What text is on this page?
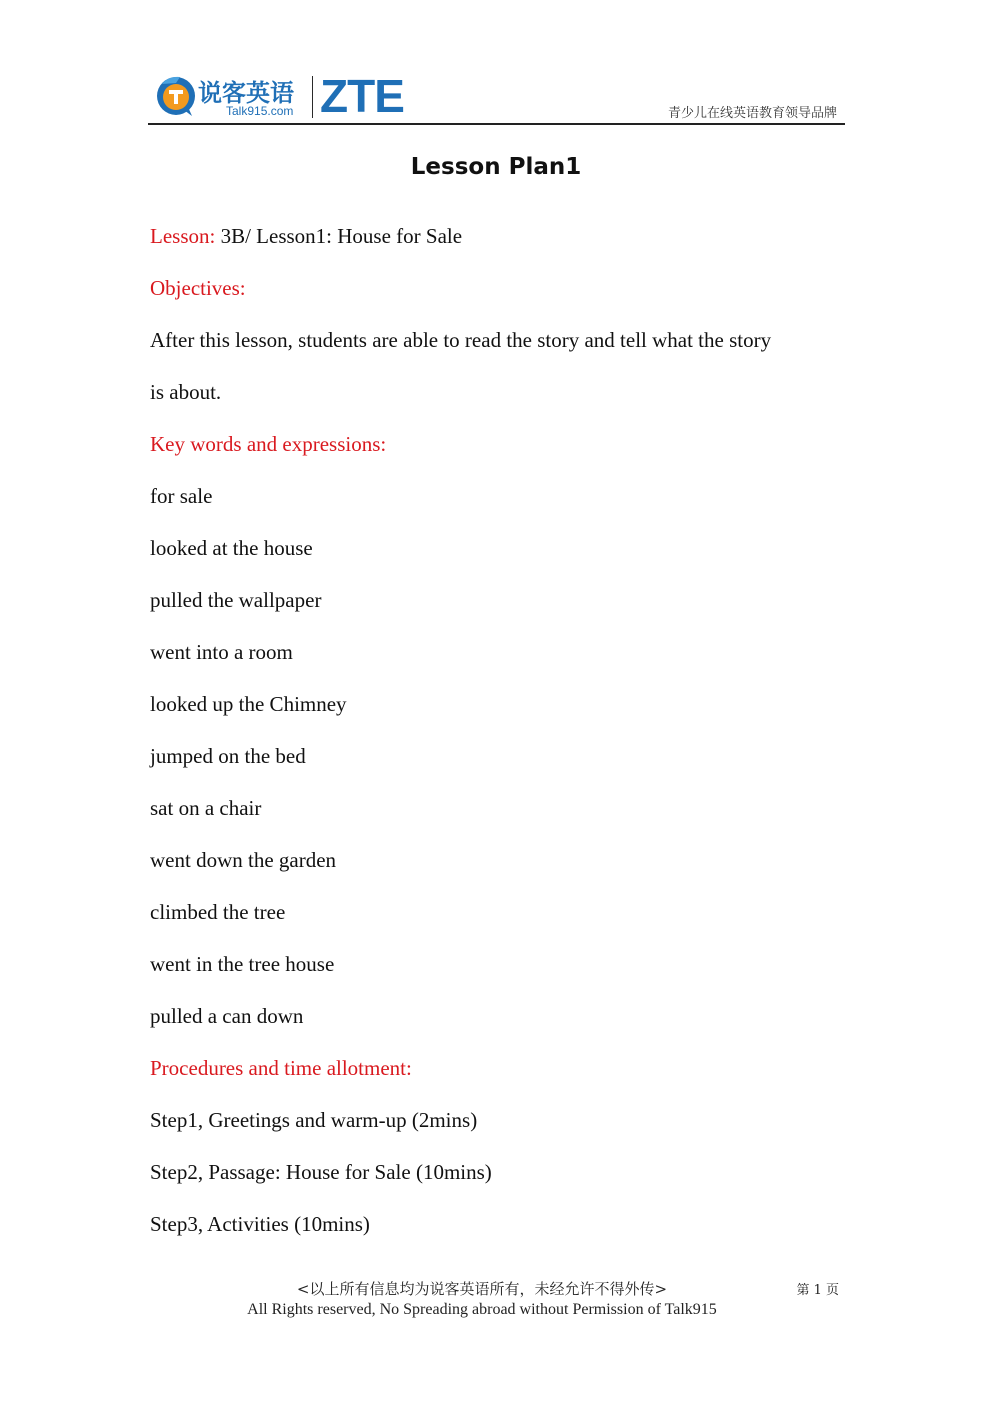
说客英语
Talk915.com ZTE	青少儿在线英语教育领导品牌
Lesson Plan1
Lesson: 3B/ Lesson1: House for Sale
Objectives:
After this lesson, students are able to read the story and tell what the story
is about.
Key words and expressions:
for sale
looked at the house
pulled the wallpaper
went into a room
looked up the Chimney
jumped on the bed
sat on a chair
went down the garden
climbed the tree
went in the tree house
pulled a can down
Procedures and time allotment:
Step1, Greetings and warm-up (2mins)
Step2, Passage: House for Sale (10mins)
Step3, Activities (10mins)
<以上所有信息均为说客英语所有，未经允许不得外传>
All Rights reserved, No Spreading abroad without Permission of Talk915
第 1 页
